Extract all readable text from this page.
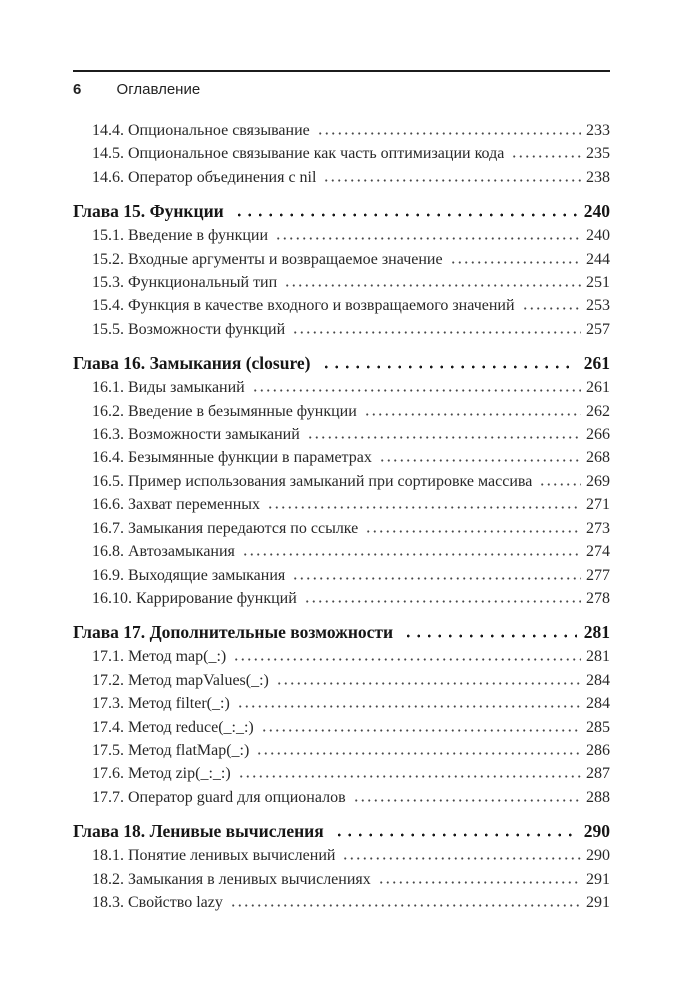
6 Оглавление
14.4. Опциональное связывание	233
14.5. Опциональное связывание как часть оптимизации кода	235
14.6. Оператор объединения с nil	238
Глава 15. Функции	240
15.1. Введение в функции	240
15.2. Входные аргументы и возвращаемое значение	244
15.3. Функциональный тип	251
15.4. Функция в качестве входного и возвращаемого значений	253
15.5. Возможности функций	257
Глава 16. Замыкания (closure)	261
16.1. Виды замыканий	261
16.2. Введение в безымянные функции	262
16.3. Возможности замыканий	266
16.4. Безымянные функции в параметрах	268
16.5. Пример использования замыканий при сортировке массива	269
16.6. Захват переменных	271
16.7. Замыкания передаются по ссылке	273
16.8. Автозамыкания	274
16.9. Выходящие замыкания	277
16.10. Каррирование функций	278
Глава 17. Дополнительные возможности	281
17.1. Метод map(_:)	281
17.2. Метод mapValues(_:)	284
17.3. Метод filter(_:)	284
17.4. Метод reduce(_:_:)	285
17.5. Метод flatMap(_:)	286
17.6. Метод zip(_:_:)	287
17.7. Оператор guard для опционалов	288
Глава 18. Ленивые вычисления	290
18.1. Понятие ленивых вычислений	290
18.2. Замыкания в ленивых вычислениях	291
18.3. Свойство lazy	291
